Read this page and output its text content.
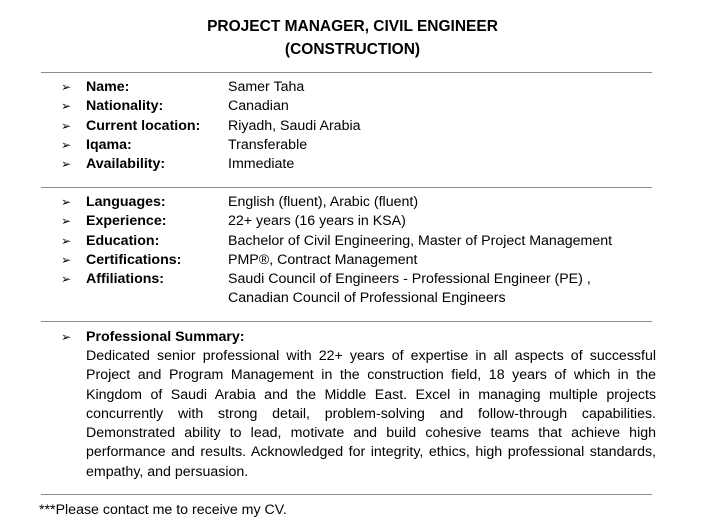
PROJECT MANAGER, CIVIL ENGINEER
(CONSTRUCTION)
➢ Name:	Samer Taha
➢ Nationality:	Canadian
➢ Current location: Riyadh, Saudi Arabia
➢ Iqama:	Transferable
➢ Availability:	Immediate
➢ Languages:	English (fluent), Arabic (fluent)
➢ Experience:	22+ years (16 years in KSA)
➢ Education:	Bachelor of Civil Engineering, Master of Project Management
➢ Certifications:	PMP®, Contract Management
➢ Affiliations:	Saudi Council of Engineers - Professional Engineer (PE) ,
Canadian Council of Professional Engineers
➢ Professional Summary:
Dedicated senior professional with 22+ years of expertise in all aspects of successful Project and Program Management in the construction field, 18 years of which in the Kingdom of Saudi Arabia and the Middle East. Excel in managing multiple projects concurrently with strong detail, problem-solving and follow-through capabilities. Demonstrated ability to lead, motivate and build cohesive teams that achieve high performance and results. Acknowledged for integrity, ethics, high professional standards, empathy, and persuasion.
***Please contact me to receive my CV.
